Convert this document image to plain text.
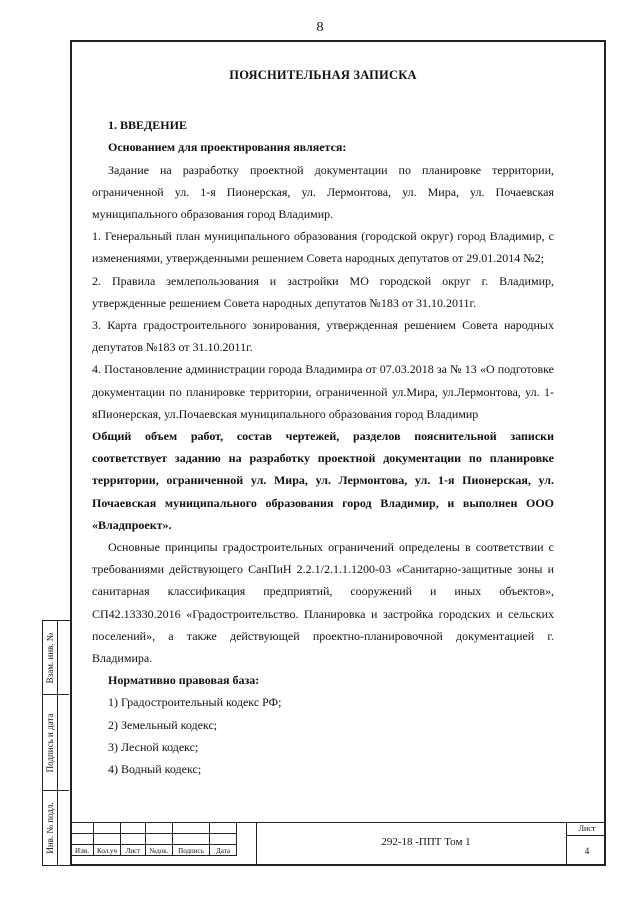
8
Взам. инв. №
Подпись и дата
Инв. № подл.
ПОЯСНИТЕЛЬНАЯ ЗАПИСКА

1. ВВЕДЕНИЕ

Основанием для проектирования является:

Задание на разработку проектной документации по планировке территории, ограниченной ул. 1-я Пионерская, ул. Лермонтова, ул. Мира, ул. Почаевская муниципального образования город Владимир.

1. Генеральный план муниципального образования (городской округ) город Владимир, с изменениями, утвержденными решением Совета народных депутатов от 29.01.2014 №2;

2. Правила землепользования и застройки МО городской округ г. Владимир, утвержденные решением Совета народных депутатов №183 от 31.10.2011г.

3. Карта градостроительного зонирования, утвержденная решением Совета народных депутатов №183 от 31.10.2011г.

4. Постановление администрации города Владимира от 07.03.2018 за № 13 «О подготовке документации по планировке территории, ограниченной ул.Мира, ул.Лермонтова, ул. 1-яПионерская, ул.Почаевская муниципального образования город Владимир

Общий объем работ, состав чертежей, разделов пояснительной записки соответствует заданию на разработку проектной документации по планировке территории, ограниченной ул. Мира, ул. Лермонтова, ул. 1-я Пионерская, ул. Почаевская муниципального образования город Владимир, и выполнен ООО «Владпроект».

Основные принципы градостроительных ограничений определены в соответствии с требованиями действующего СанПиН 2.2.1/2.1.1.1200-03 «Санитарно-защитные зоны и санитарная классификация предприятий, сооружений и иных объектов», СП42.13330.2016 «Градостроительство. Планировка и застройка городских и сельских поселений», а также действующей проектно-планировочной документацией г. Владимира.

Нормативно правовая база:

1) Градостроительный кодекс РФ;

2) Земельный кодекс;

3) Лесной кодекс;

4) Водный кодекс;

Изм.	Кол.уч	Лист	№док.	Подпись	Дата
292-18 -ППТ Том 1
Лист
4
